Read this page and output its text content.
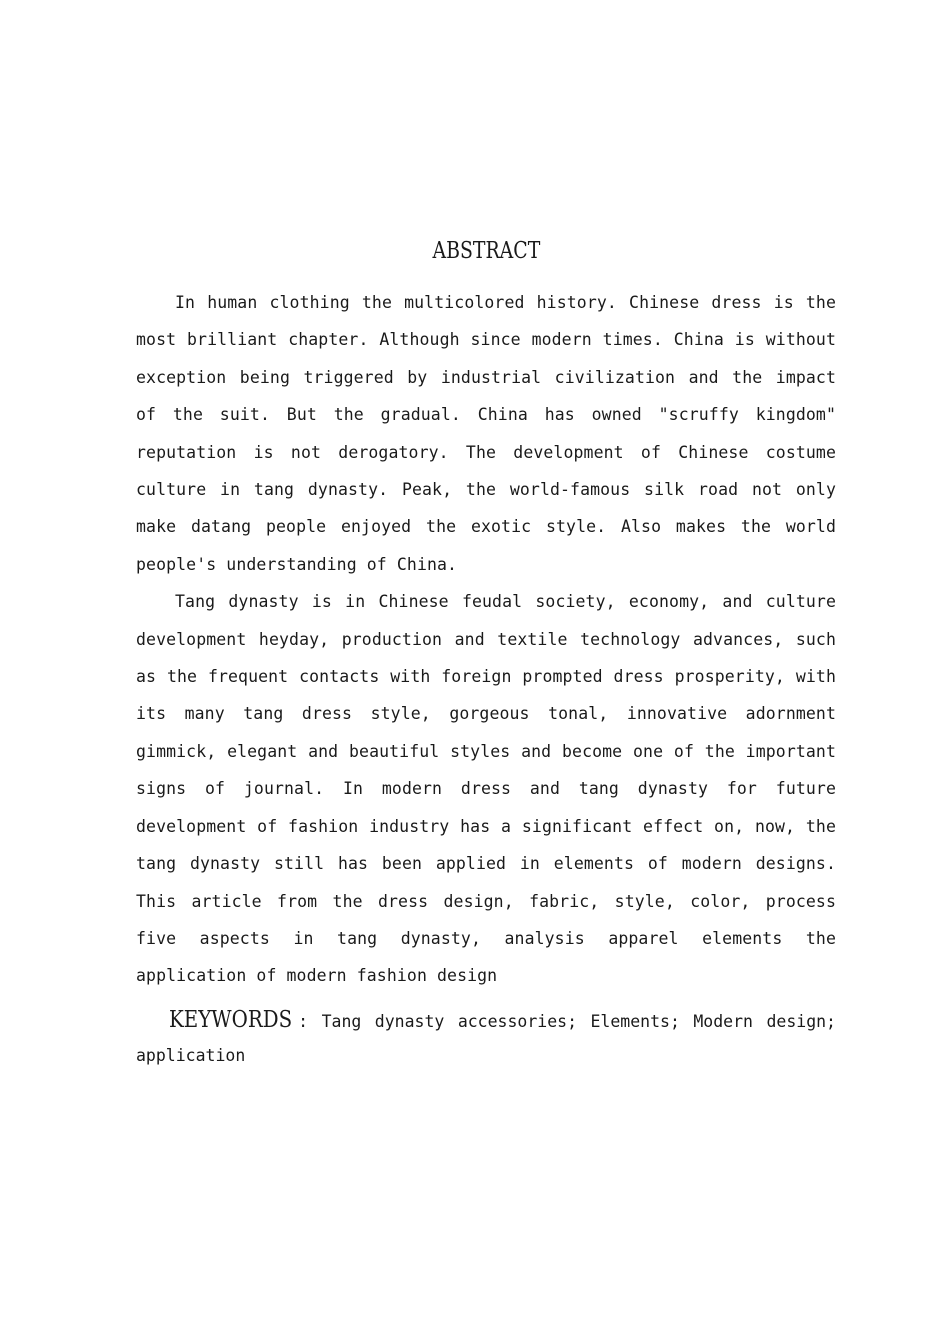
ABSTRACT

In human clothing the multicolored history. Chinese dress is the most brilliant chapter. Although since modern times. China is without exception being triggered by industrial civilization and the impact of the suit. But the gradual. China has owned "scruffy kingdom" reputation is not derogatory. The development of Chinese costume culture in tang dynasty. Peak, the world-famous silk road not only make datang people enjoyed the exotic style. Also makes the world people's understanding of China.

Tang dynasty is in Chinese feudal society, economy, and culture development heyday, production and textile technology advances, such as the frequent contacts with foreign prompted dress prosperity, with its many tang dress style, gorgeous tonal, innovative adornment gimmick, elegant and beautiful styles and become one of the important signs of journal. In modern dress and tang dynasty for future development of fashion industry has a significant effect on, now, the tang dynasty still has been applied in elements of modern designs. This article from the dress design, fabric, style, color, process five aspects in tang dynasty, analysis apparel elements the application of modern fashion design

KEYWORDS : Tang dynasty accessories; Elements; Modern design; application
